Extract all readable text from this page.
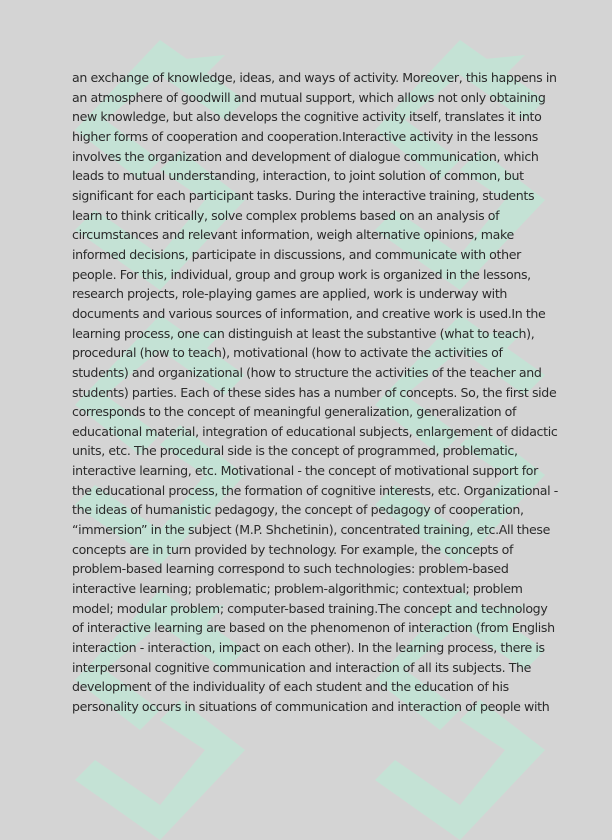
an exchange of knowledge, ideas, and ways of activity. Moreover, this happens in
an atmosphere of goodwill and mutual support, which allows not only obtaining
new knowledge, but also develops the cognitive activity itself, translates it into
higher forms of cooperation and cooperation.Interactive activity in the lessons
involves the organization and development of dialogue communication, which
leads to mutual understanding, interaction, to joint solution of common, but
significant for each participant tasks. During the interactive training, students
learn to think critically, solve complex problems based on an analysis of
circumstances and relevant information, weigh alternative opinions, make
informed decisions, participate in discussions, and communicate with other
people. For this, individual, group and group work is organized in the lessons,
research projects, role-playing games are applied, work is underway with
documents and various sources of information, and creative work is used.In the
learning process, one can distinguish at least the substantive (what to teach),
procedural (how to teach), motivational (how to activate the activities of
students) and organizational (how to structure the activities of the teacher and
students) parties. Each of these sides has a number of concepts. So, the first side
corresponds to the concept of meaningful generalization, generalization of
educational material, integration of educational subjects, enlargement of didactic
units, etc. The procedural side is the concept of programmed, problematic,
interactive learning, etc. Motivational - the concept of motivational support for
the educational process, the formation of cognitive interests, etc. Organizational -
the ideas of humanistic pedagogy, the concept of pedagogy of cooperation,
“immersion” in the subject (M.P. Shchetinin), concentrated training, etc.All these
concepts are in turn provided by technology. For example, the concepts of
problem-based learning correspond to such technologies: problem-based
interactive learning; problematic; problem-algorithmic; contextual; problem
model; modular problem; computer-based training.The concept and technology
of interactive learning are based on the phenomenon of interaction (from English
interaction - interaction, impact on each other). In the learning process, there is
interpersonal cognitive communication and interaction of all its subjects. The
development of the individuality of each student and the education of his
personality occurs in situations of communication and interaction of people with
